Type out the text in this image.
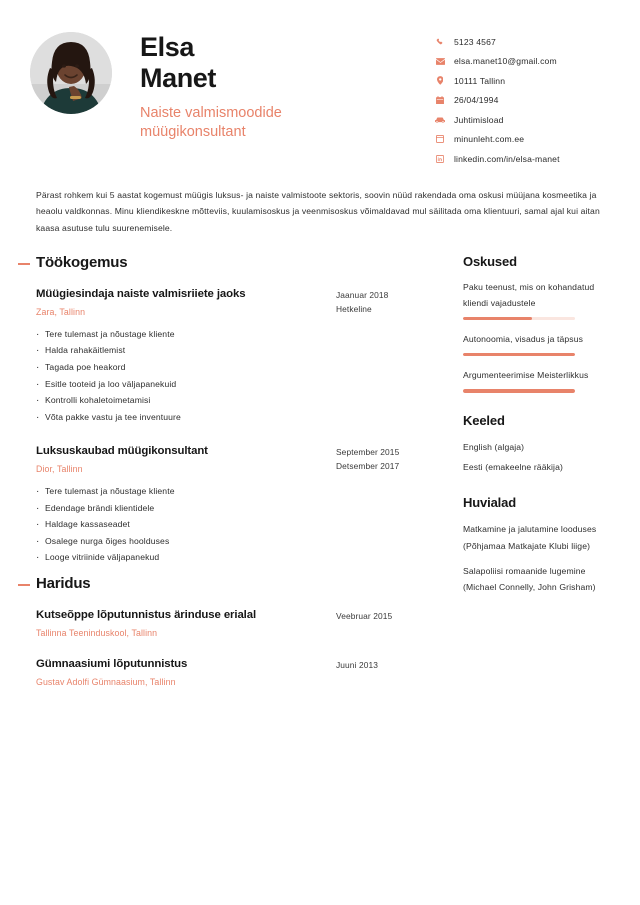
Elsa
Manet
Naiste valmismoodide müügikonsultant
5123 4567
elsa.manet10@gmail.com
10111 Tallinn
26/04/1994
Juhtimisload
minunleht.com.ee
linkedin.com/in/elsa-manet
Pärast rohkem kui 5 aastat kogemust müügis luksus- ja naiste valmistoote sektoris, soovin nüüd rakendada oma oskusi müüjana kosmeetika ja heaolu valdkonnas. Minu kliendikeskne mõtteviis, kuulamisoskus ja veenmisoskus võimaldavad mul säilitada oma klientuuri, samal ajal kui aitan kaasa asutuse tulu suurenemisele.
Töökogemus
Müügiesindaja naiste valmisriiete jaoks
Zara, Tallinn
Jaanuar 2018
Hetkeline
· Tere tulemast ja nõustage kliente
· Halda rahakäitlemist
· Tagada poe heakord
· Esitle tooteid ja loo väljapanekuid
· Kontrolli kohaletoimetamisi
· Võta pakke vastu ja tee inventuure
Luksuskaubad müügikonsultant
Dior, Tallinn
September 2015
Detsember 2017
· Tere tulemast ja nõustage kliente
· Edendage brändi klientidele
· Haldage kassaseadet
· Osalege nurga õiges hoolduses
· Looge vitriinide väljapanekud
Haridus
Kutseõppe lõputunnistus ärinduse erialal
Tallinna Teeninduskool, Tallinn
Veebruar 2015
Gümnaasiumi lõputunnistus
Gustav Adolfi Gümnaasium, Tallinn
Juuni 2013
Oskused
Paku teenust, mis on kohandatud kliendi vajadustele
Autonoomia, visadus ja täpsus
Argumenteerimise Meisterlikkus
Keeled
English (algaja)
Eesti (emakeelne rääkija)
Huvialad
Matkamine ja jalutamine looduses (Põhjamaa Matkajate Klubi liige)
Salapoliisi romaanide lugemine (Michael Connelly, John Grisham)
